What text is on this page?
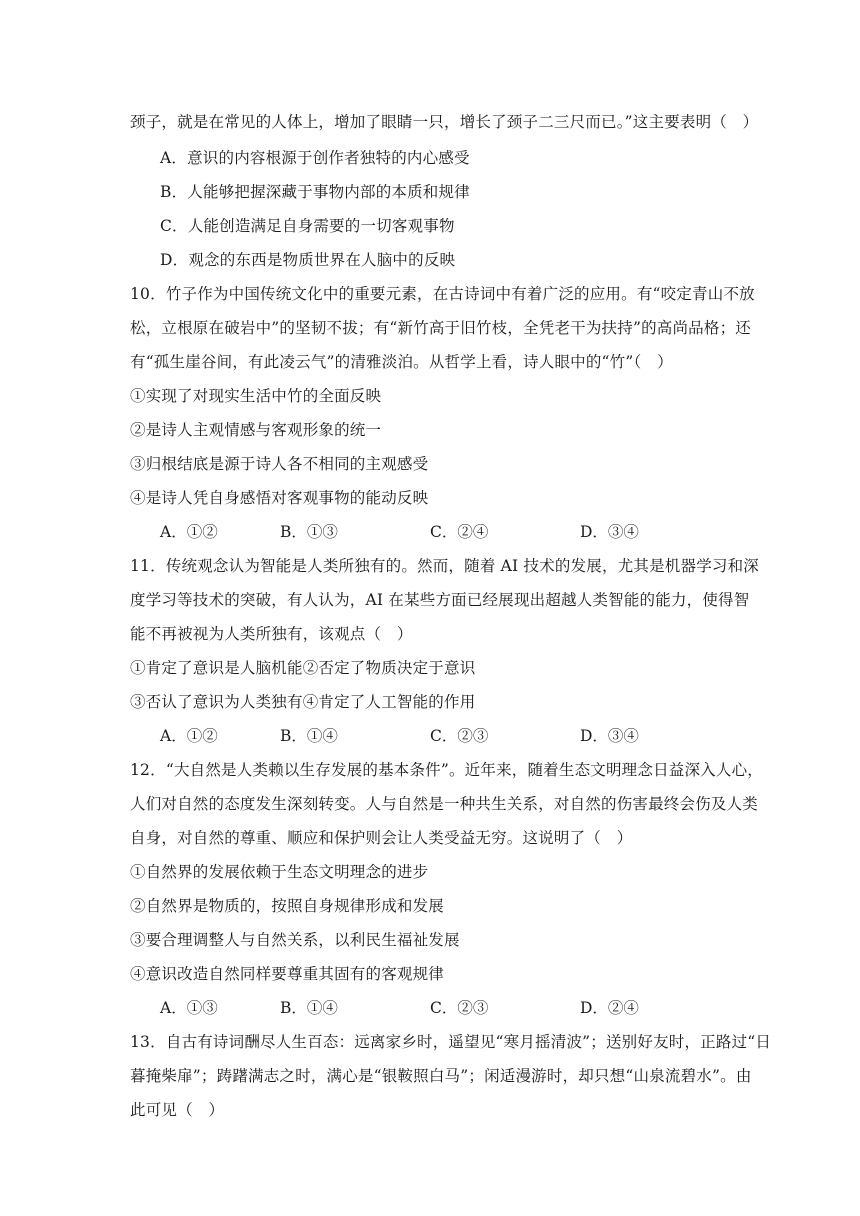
颈子，就是在常见的人体上，增加了眼睛一只，增长了颈子二三尺而已。”这主要表明（　）
A．意识的内容根源于创作者独特的内心感受
B．人能够把握深藏于事物内部的本质和规律
C．人能创造满足自身需要的一切客观事物
D．观念的东西是物质世界在人脑中的反映
10．竹子作为中国传统文化中的重要元素，在古诗词中有着广泛的应用。有“咬定青山不放
松，立根原在破岩中”的坚韧不拔；有“新竹高于旧竹枝，全凭老干为扶持”的高尚品格；还
有“孤生崖谷间，有此凌云气”的清雅淡泊。从哲学上看，诗人眼中的“竹”（　）
①实现了对现实生活中竹的全面反映
②是诗人主观情感与客观形象的统一
③归根结底是源于诗人各不相同的主观感受
④是诗人凭自身感悟对客观事物的能动反映
A．①②	B．①③	C．②④	D．③④
11．传统观念认为智能是人类所独有的。然而，随着 AI 技术的发展，尤其是机器学习和深
度学习等技术的突破，有人认为，AI 在某些方面已经展现出超越人类智能的能力，使得智
能不再被视为人类所独有，该观点（　）
①肯定了意识是人脑机能②否定了物质决定于意识
③否认了意识为人类独有④肯定了人工智能的作用
A．①②	B．①④	C．②③	D．③④
12．“大自然是人类赖以生存发展的基本条件”。近年来，随着生态文明理念日益深入人心，
人们对自然的态度发生深刻转变。人与自然是一种共生关系，对自然的伤害最终会伤及人类
自身，对自然的尊重、顺应和保护则会让人类受益无穷。这说明了（　）
①自然界的发展依赖于生态文明理念的进步
②自然界是物质的，按照自身规律形成和发展
③要合理调整人与自然关系，以利民生福祉发展
④意识改造自然同样要尊重其固有的客观规律
A．①③	B．①④	C．②③	D．②④
13．自古有诗词酬尽人生百态：远离家乡时，遥望见“寒月摇清波”；送别好友时，正路过“日
暮掩柴扉”；踌躇满志之时，满心是“银鞍照白马”；闲适漫游时，却只想“山泉流碧水”。由
此可见（　）
